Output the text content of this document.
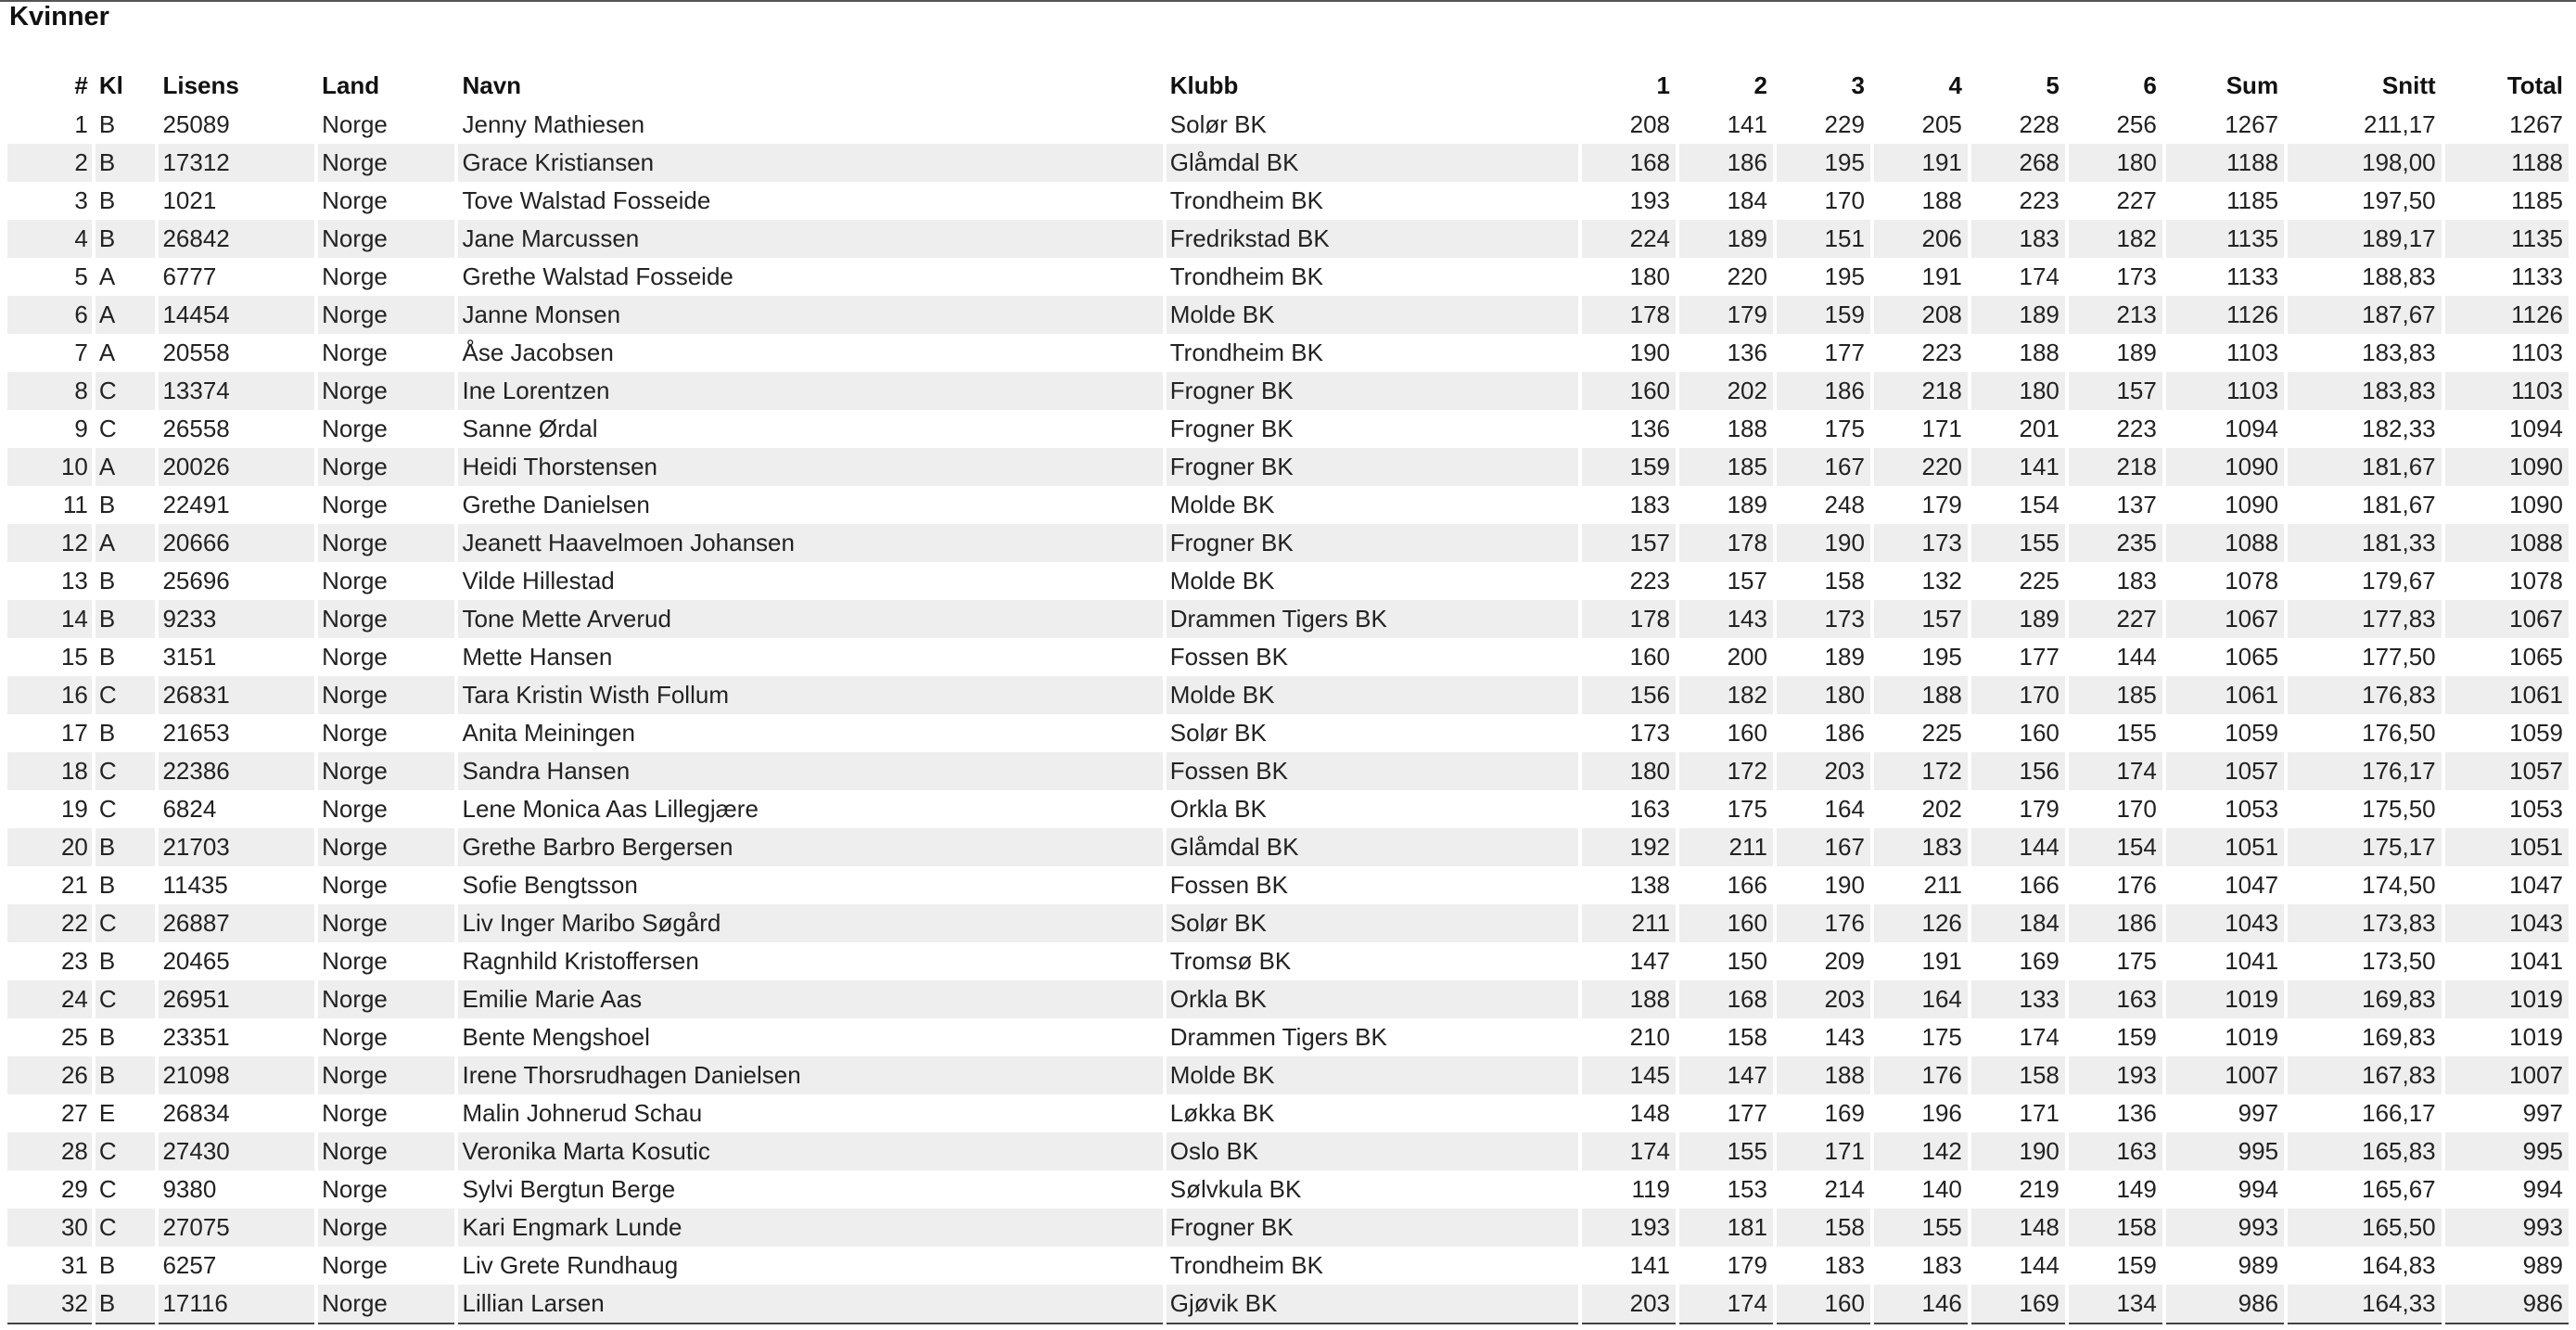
Kvinner
#	Kl	Lisens	Land	Navn	Klubb	1	2	3	4	5	6	Sum	Snitt	Total
1	B	25089	Norge	Jenny Mathiesen	Solør BK	208	141	229	205	228	256	1267	211,17	1267
2	B	17312	Norge	Grace Kristiansen	Glåmdal BK	168	186	195	191	268	180	1188	198,00	1188
3	B	1021	Norge	Tove Walstad Fosseide	Trondheim BK	193	184	170	188	223	227	1185	197,50	1185
4	B	26842	Norge	Jane Marcussen	Fredrikstad BK	224	189	151	206	183	182	1135	189,17	1135
5	A	6777	Norge	Grethe Walstad Fosseide	Trondheim BK	180	220	195	191	174	173	1133	188,83	1133
6	A	14454	Norge	Janne Monsen	Molde BK	178	179	159	208	189	213	1126	187,67	1126
7	A	20558	Norge	Åse Jacobsen	Trondheim BK	190	136	177	223	188	189	1103	183,83	1103
8	C	13374	Norge	Ine Lorentzen	Frogner BK	160	202	186	218	180	157	1103	183,83	1103
9	C	26558	Norge	Sanne Ørdal	Frogner BK	136	188	175	171	201	223	1094	182,33	1094
10	A	20026	Norge	Heidi Thorstensen	Frogner BK	159	185	167	220	141	218	1090	181,67	1090
11	B	22491	Norge	Grethe Danielsen	Molde BK	183	189	248	179	154	137	1090	181,67	1090
12	A	20666	Norge	Jeanett Haavelmoen Johansen	Frogner BK	157	178	190	173	155	235	1088	181,33	1088
13	B	25696	Norge	Vilde Hillestad	Molde BK	223	157	158	132	225	183	1078	179,67	1078
14	B	9233	Norge	Tone Mette Arverud	Drammen Tigers BK	178	143	173	157	189	227	1067	177,83	1067
15	B	3151	Norge	Mette Hansen	Fossen BK	160	200	189	195	177	144	1065	177,50	1065
16	C	26831	Norge	Tara Kristin Wisth Follum	Molde BK	156	182	180	188	170	185	1061	176,83	1061
17	B	21653	Norge	Anita Meiningen	Solør BK	173	160	186	225	160	155	1059	176,50	1059
18	C	22386	Norge	Sandra Hansen	Fossen BK	180	172	203	172	156	174	1057	176,17	1057
19	C	6824	Norge	Lene Monica Aas Lillegjære	Orkla BK	163	175	164	202	179	170	1053	175,50	1053
20	B	21703	Norge	Grethe Barbro Bergersen	Glåmdal BK	192	211	167	183	144	154	1051	175,17	1051
21	B	11435	Norge	Sofie Bengtsson	Fossen BK	138	166	190	211	166	176	1047	174,50	1047
22	C	26887	Norge	Liv Inger Maribo Søgård	Solør BK	211	160	176	126	184	186	1043	173,83	1043
23	B	20465	Norge	Ragnhild Kristoffersen	Tromsø BK	147	150	209	191	169	175	1041	173,50	1041
24	C	26951	Norge	Emilie Marie Aas	Orkla BK	188	168	203	164	133	163	1019	169,83	1019
25	B	23351	Norge	Bente Mengshoel	Drammen Tigers BK	210	158	143	175	174	159	1019	169,83	1019
26	B	21098	Norge	Irene Thorsrudhagen Danielsen	Molde BK	145	147	188	176	158	193	1007	167,83	1007
27	E	26834	Norge	Malin Johnerud Schau	Løkka BK	148	177	169	196	171	136	997	166,17	997
28	C	27430	Norge	Veronika Marta Kosutic	Oslo BK	174	155	171	142	190	163	995	165,83	995
29	C	9380	Norge	Sylvi Bergtun Berge	Sølvkula BK	119	153	214	140	219	149	994	165,67	994
30	C	27075	Norge	Kari Engmark Lunde	Frogner BK	193	181	158	155	148	158	993	165,50	993
31	B	6257	Norge	Liv Grete Rundhaug	Trondheim BK	141	179	183	183	144	159	989	164,83	989
32	B	17116	Norge	Lillian Larsen	Gjøvik BK	203	174	160	146	169	134	986	164,33	986
